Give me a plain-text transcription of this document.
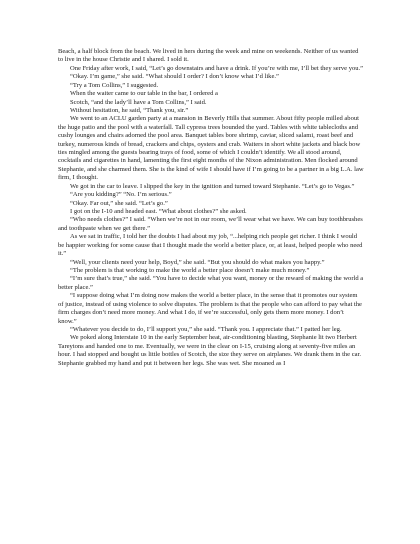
Beach, a half block from the beach. We lived in hers during the week and mine on weekends. Neither of us wanted to live in the house Christie and I shared. I sold it.

One Friday after work, I said, “Let’s go downstairs and have a drink. If you’re with me, I’ll bet they serve you.”

“Okay. I’m game,” she said. “What should I order? I don’t know what I’d like.”

“Try a Tom Collins,” I suggested.

When the waiter came to our table in the bar, I ordered a

Scotch, “and the lady’ll have a Tom Collins,” I said.

Without hesitation, he said, “Thank you, sir.”

We went to an ACLU garden party at a mansion in Beverly Hills that summer. About fifty people milled about the huge patio and the pool with a waterfall. Tall cypress trees bounded the yard. Tables with white tablecloths and cushy lounges and chairs adorned the pool area. Banquet tables bore shrimp, caviar, sliced salami, roast beef and turkey, numerous kinds of bread, crackers and chips, oysters and crab. Waiters in short white jackets and black bow ties mingled among the guests bearing trays of food, some of which I couldn’t identify. We all stood around, cocktails and cigarettes in hand, lamenting the first eight months of the Nixon administration. Men flocked around Stephanie, and she charmed them. She is the kind of wife I should have if I’m going to be a partner in a big L.A. law firm, I thought.

We got in the car to leave. I slipped the key in the ignition and turned toward Stephanie. “Let’s go to Vegas.”

“Are you kidding?” “No. I’m serious.”

“Okay. Far out,” she said. “Let’s go.”

I got on the I-10 and headed east. “What about clothes?” she asked.

“Who needs clothes?” I said. “When we’re not in our room, we’ll wear what we have. We can buy toothbrushes and toothpaste when we get there.”

As we sat in traffic, I told her the doubts I had about my job, “...helping rich people get richer. I think I would be happier working for some cause that I thought made the world a better place, or, at least, helped people who need it.”

“Well, your clients need your help, Boyd,” she said. “But you should do what makes you happy.”

“The problem is that working to make the world a better place doesn’t make much money.”

“I’m sure that’s true,” she said. “You have to decide what you want, money or the reward of making the world a better place.”

“I suppose doing what I’m doing now makes the world a better place, in the sense that it promotes our system of justice, instead of using violence to solve disputes. The problem is that the people who can afford to pay what the firm charges don’t need more money. And what I do, if we’re successful, only gets them more money. I don’t know.”

“Whatever you decide to do, I’ll support you,” she said. “Thank you. I appreciate that.” I patted her leg.

We poked along Interstate 10 in the early September heat, air-conditioning blasting, Stephanie lit two Herbert Tareytons and handed one to me. Eventually, we were in the clear on I-15, cruising along at seventy-five miles an hour. I had stopped and bought us little bottles of Scotch, the size they serve on airplanes. We drank them in the car. Stephanie grabbed my hand and put it between her legs. She was wet. She moaned as I
